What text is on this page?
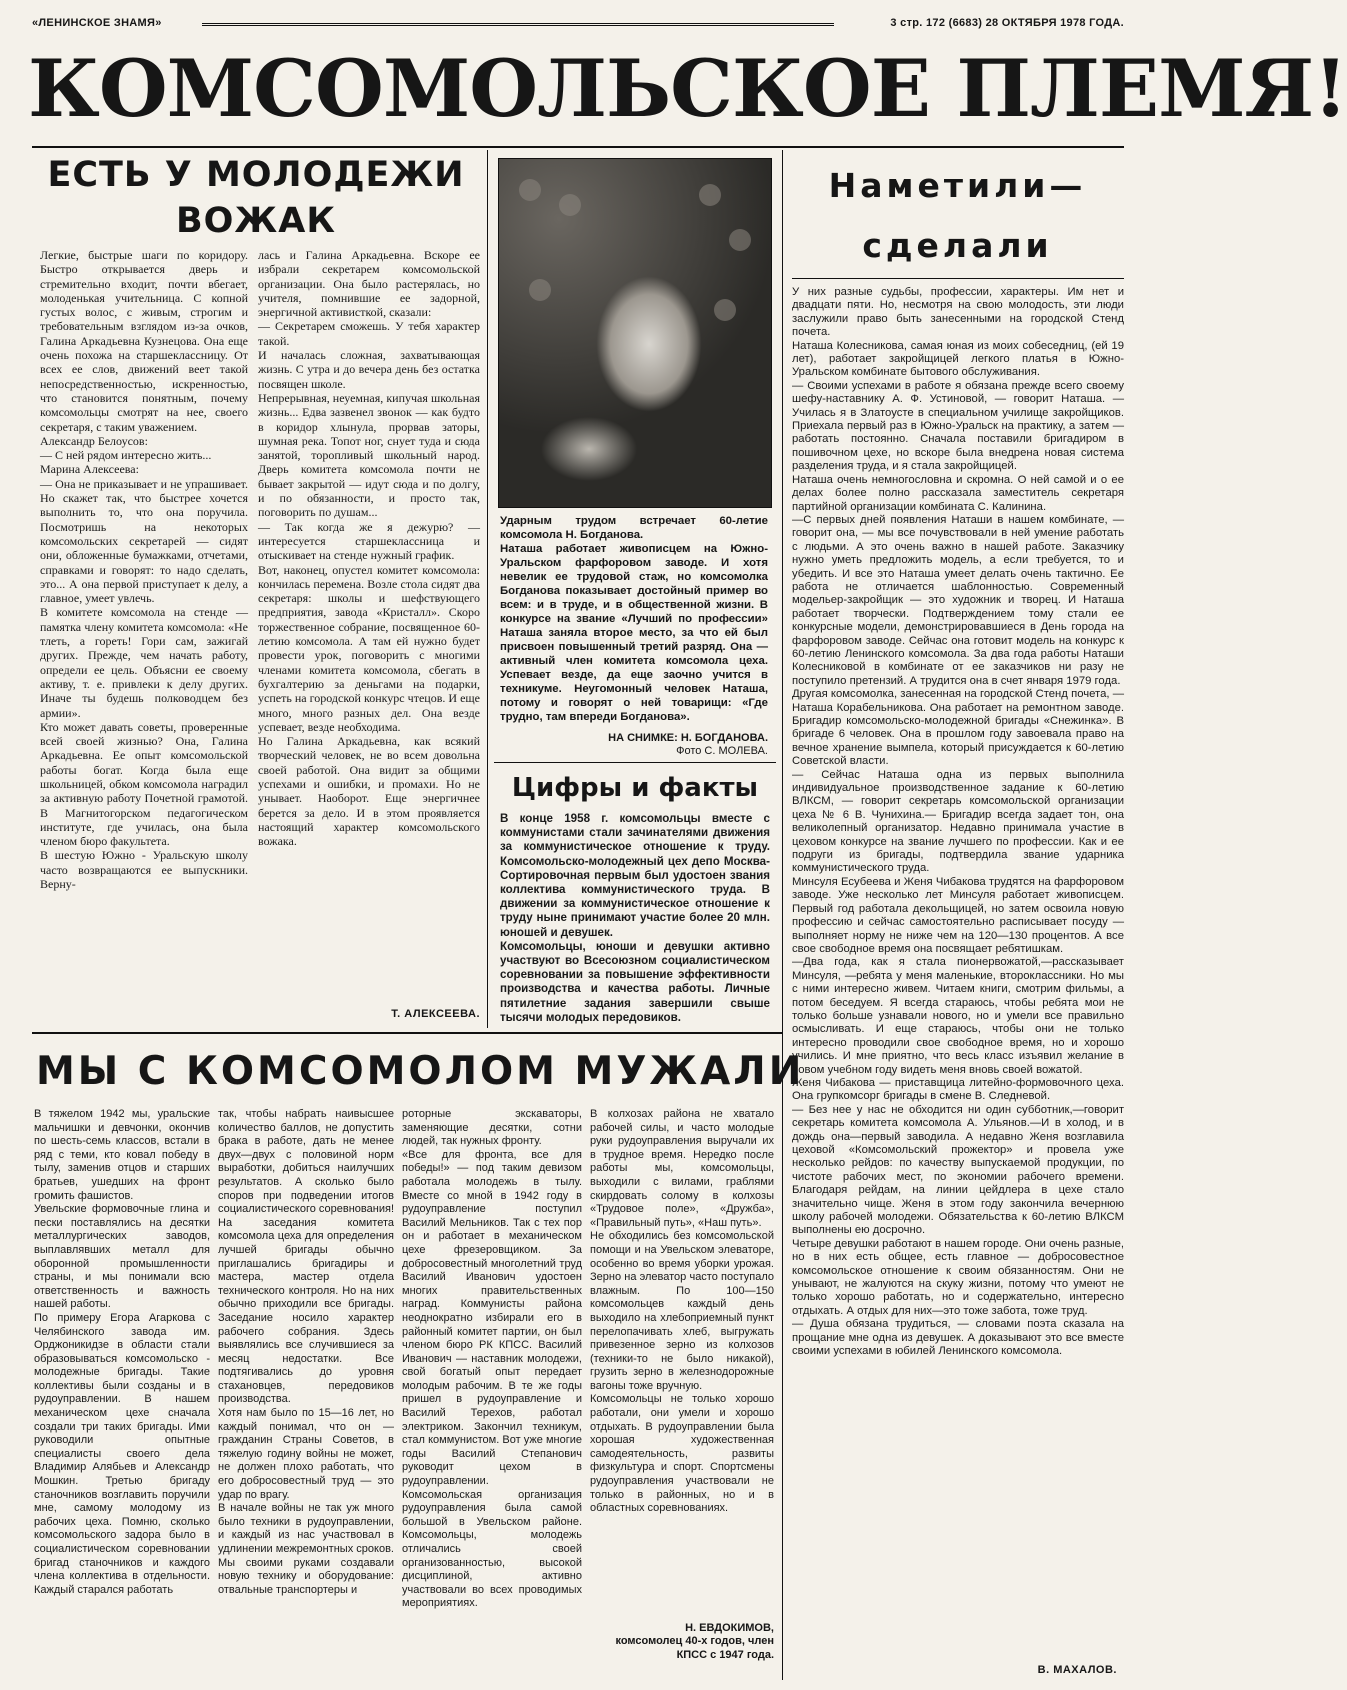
«ЛЕНИНСКОЕ ЗНАМЯ»	3 стр. 172 (6683) 28 ОКТЯБРЯ 1978 ГОДА.
КОМСОМОЛЬСКОЕ ПЛЕМЯ!
ЕСТЬ У МОЛОДЕЖИ
ВОЖАК
Легкие, быстрые шаги по коридору. Быстро открывается дверь и стремительно входит, почти вбегает, молоденькая учительница. С копной густых волос, с живым, строгим и требовательным взглядом из-за очков, Галина Аркадьевна Кузнецова. Она еще очень похожа на старшеклассницу. От всех ее слов, движений веет такой непосредственностью, искренностью, что становится понятным, почему комсомольцы смотрят на нее, своего секретаря, с таким уважением.
Александр Белоусов:
— С ней рядом интересно жить...
Марина Алексеева:
— Она не приказывает и не упрашивает. Но скажет так, что быстрее хочется выполнить то, что она поручила. Посмотришь на некоторых комсомольских секретарей — сидят они, обложенные бумажками, отчетами, справками и говорят: то надо сделать, это... А она первой приступает к делу, а главное, умеет увлечь.
В комитете комсомола на стенде — памятка члену комитета комсомола: «Не тлеть, а гореть! Гори сам, зажигай других. Прежде, чем начать работу, определи ее цель. Объясни ее своему активу, т. е. привлеки к делу других. Иначе ты будешь полководцем без армии».
Кто может давать советы, проверенные всей своей жизнью? Она, Галина Аркадьевна. Ее опыт комсомольской работы богат. Когда была еще школьницей, обком комсомола наградил за активную работу Почетной грамотой. В Магнитогорском педагогическом институте, где училась, она была членом бюро факультета.
В шестую Южно - Уральскую школу часто возвращаются ее выпускники. Верну-
лась и Галина Аркадьевна. Вскоре ее избрали секретарем комсомольской организации. Она было растерялась, но учителя, помнившие ее задорной, энергичной активисткой, сказали:
— Секретарем сможешь. У тебя характер такой.
И началась сложная, захватывающая жизнь. С утра и до вечера день без остатка посвящен школе.
Непрерывная, неуемная, кипучая школьная жизнь... Едва зазвенел звонок — как будто в коридор хлынула, прорвав заторы, шумная река. Топот ног, снует туда и сюда занятой, торопливый школьный народ. Дверь комитета комсомола почти не бывает закрытой — идут сюда и по долгу, и по обязанности, и просто так, поговорить по душам...
— Так когда же я дежурю? — интересуется старшеклассница и отыскивает на стенде нужный график.
Вот, наконец, опустел комитет комсомола: кончилась перемена. Возле стола сидят два секретаря: школы и шефствующего предприятия, завода «Кристалл». Скоро торжественное собрание, посвященное 60-летию комсомола. А там ей нужно будет провести урок, поговорить с многими членами комитета комсомола, сбегать в бухгалтерию за деньгами на подарки, успеть на городской конкурс чтецов. И еще много, много разных дел. Она везде успевает, везде необходима.
Но Галина Аркадьевна, как всякий творческий человек, не во всем довольна своей работой. Она видит за общими успехами и ошибки, и промахи. Но не унывает. Наоборот. Еще энергичнее берется за дело. И в этом проявляется настоящий характер комсомольского вожака.
Т. АЛЕКСЕЕВА.
Ударным трудом встречает 60-летие комсомола Н. Богданова.
Наташа работает живописцем на Южно-Уральском фарфоровом заводе. И хотя невелик ее трудовой стаж, но комсомолка Богданова показывает достойный пример во всем: и в труде, и в общественной жизни. В конкурсе на звание «Лучший по профессии» Наташа заняла второе место, за что ей был присвоен повышенный третий разряд. Она —активный член комитета комсомола цеха. Успевает везде, да еще заочно учится в техникуме. Неугомонный человек Наташа, потому и говорят о ней товарищи: «Где трудно, там впереди Богданова».
НА СНИМКЕ: Н. БОГДАНОВА.
Фото С. МОЛЕВА.
Цифры и факты
В конце 1958 г. комсомольцы вместе с коммунистами стали зачинателями движения за коммунистическое отношение к труду. Комсомольско-молодежный цех депо Москва-Сортировочная первым был удостоен звания коллектива коммунистического труда. В движении за коммунистическое отношение к труду ныне принимают участие более 20 млн. юношей и девушек.
Комсомольцы, юноши и девушки активно участвуют во Всесоюзном социалистическом соревновании за повышение эффективности производства и качества работы. Личные пятилетние задания завершили свыше тысячи молодых передовиков.
Наметили—
сделали
У них разные судьбы, профессии, характеры. Им нет и двадцати пяти. Но, несмотря на свою молодость, эти люди заслужили право быть занесенными на городской Стенд почета.
Наташа Колесникова, самая юная из моих собеседниц, (ей 19 лет), работает закройщицей легкого платья в Южно-Уральском комбинате бытового обслуживания.
— Своими успехами в работе я обязана прежде всего своему шефу-наставнику А. Ф. Устиновой, — говорит Наташа. — Училась я в Златоусте в специальном училище закройщиков. Приехала первый раз в Южно-Уральск на практику, а затем — работать постоянно. Сначала поставили бригадиром в пошивочном цехе, но вскоре была внедрена новая система разделения труда, и я стала закройщицей.
Наташа очень немногословна и скромна. О ней самой и о ее делах более полно рассказала заместитель секретаря партийной организации комбината С. Калинина.
—С первых дней появления Наташи в нашем комбинате, — говорит она, — мы все почувствовали в ней умение работать с людьми. А это очень важно в нашей работе. Заказчику нужно уметь предложить модель, а если требуется, то и убедить. И все это Наташа умеет делать очень тактично. Ее работа не отличается шаблонностью. Современный модельер-закройщик — это художник и творец. И Наташа работает творчески. Подтверждением тому стали ее конкурсные модели, демонстрировавшиеся в День города на фарфоровом заводе. Сейчас она готовит модель на конкурс к 60-летию Ленинского комсомола. За два года работы Наташи Колесниковой в комбинате от ее заказчиков ни разу не поступило претензий. А трудится она в счет января 1979 года.
Другая комсомолка, занесенная на городской Стенд почета, —Наташа Корабельникова. Она работает на ремонтном заводе. Бригадир комсомольско-молодежной бригады «Снежинка». В бригаде 6 человек. Она в прошлом году завоевала право на вечное хранение вымпела, который присуждается к 60-летию Советской власти.
— Сейчас Наташа одна из первых выполнила индивидуальное производственное задание к 60-летию ВЛКСМ, — говорит секретарь комсомольской организации цеха № 6 В. Чунихина.— Бригадир всегда задает тон, она великолепный организатор. Недавно принимала участие в цеховом конкурсе на звание лучшего по профессии. Как и ее подруги из бригады, подтвердила звание ударника коммунистического труда.
Минсуля Есубеева и Женя Чибакова трудятся на фарфоровом заводе. Уже несколько лет Минсуля работает живописцем. Первый год работала декольщицей, но затем освоила новую профессию и сейчас самостоятельно расписывает посуду — выполняет норму не ниже чем на 120—130 процентов. А все свое свободное время она посвящает ребятишкам.
—Два года, как я стала пионервожатой,—рассказывает Минсуля, —ребята у меня маленькие, второклассники. Но мы с ними интересно живем. Читаем книги, смотрим фильмы, а потом беседуем. Я всегда стараюсь, чтобы ребята мои не только больше узнавали нового, но и умели все правильно осмысливать. И еще стараюсь, чтобы они не только интересно проводили свое свободное время, но и хорошо учились. И мне приятно, что весь класс изъявил желание в новом учебном году видеть меня вновь своей вожатой.
Женя Чибакова — приставщица литейно-формовочного цеха. Она групкомсорг бригады в смене В. Следневой.
— Без нее у нас не обходится ни один субботник,—говорит секретарь комитета комсомола А. Ульянов.—И в холод, и в дождь она—первый заводила. А недавно Женя возглавила цеховой «Комсомольский прожектор» и провела уже несколько рейдов: по качеству выпускаемой продукции, по чистоте рабочих мест, по экономии рабочего времени. Благодаря рейдам, на линии цейдлера в цехе стало значительно чище. Женя в этом году закончила вечернюю школу рабочей молодежи. Обязательства к 60-летию ВЛКСМ выполнены ею досрочно.
Четыре девушки работают в нашем городе. Они очень разные, но в них есть общее, есть главное — добросовестное комсомольское отношение к своим обязанностям. Они не унывают, не жалуются на скуку жизни, потому что умеют не только хорошо работать, но и содержательно, интересно отдыхать. А отдых для них—это тоже забота, тоже труд.
— Душа обязана трудиться, — словами поэта сказала на прощание мне одна из девушек. А доказывают это все вместе своими успехами в юбилей Ленинского комсомола.
В. МАХАЛОВ.
МЫ С КОМСОМОЛОМ МУЖАЛИ
В тяжелом 1942 мы, уральские мальчишки и девчонки, окончив по шесть-семь классов, встали в ряд с теми, кто ковал победу в тылу, заменив отцов и старших братьев, ушедших на фронт громить фашистов.
Увельские формовочные глина и пески поставлялись на десятки металлургических заводов, выплавлявших металл для оборонной промышленности страны, и мы понимали всю ответственность и важность нашей работы.
По примеру Егора Агаркова с Челябинского завода им. Орджоникидзе в области стали образовываться комсомольско - молодежные бригады. Такие коллективы были созданы и в рудоуправлении. В нашем механическом цехе сначала создали три таких бригады. Ими руководили опытные специалисты своего дела Владимир Алябьев и Александр Мошкин. Третью бригаду станочников возглавить поручили мне, самому молодому из рабочих цеха. Помню, сколько комсомольского задора было в социалистическом соревновании бригад станочников и каждого члена коллектива в отдельности. Каждый старался работать
так, чтобы набрать наивысшее количество баллов, не допустить брака в работе, дать не менее двух—двух с половиной норм выработки, добиться наилучших результатов. А сколько было споров при подведении итогов социалистического соревнования! На заседания комитета комсомола цеха для определения лучшей бригады обычно приглашались бригадиры и мастера, мастер отдела технического контроля. Но на них обычно приходили все бригады. Заседание носило характер рабочего собрания. Здесь выявлялись все случившиеся за месяц недостатки. Все подтягивались до уровня стахановцев, передовиков производства.
Хотя нам было по 15—16 лет, но каждый понимал, что он — гражданин Страны Советов, в тяжелую годину войны не может, не должен плохо работать, что его добросовестный труд — это удар по врагу.
В начале войны не так уж много было техники в рудоуправлении, и каждый из нас участвовал в удлинении межремонтных сроков. Мы своими руками создавали новую технику и оборудование: отвальные транспортеры и
роторные экскаваторы, заменяющие десятки, сотни людей, так нужных фронту.
«Все для фронта, все для победы!» — под таким девизом работала молодежь в тылу. Вместе со мной в 1942 году в рудоуправление поступил Василий Мельников. Так с тех пор он и работает в механическом цехе фрезеровщиком. За добросовестный многолетний труд Василий Иванович удостоен многих правительственных наград. Коммунисты района неоднократно избирали его в районный комитет партии, он был членом бюро РК КПСС. Василий Иванович — наставник молодежи, свой богатый опыт передает молодым рабочим. В те же годы пришел в рудоуправление и Василий Терехов, работал электриком. Закончил техникум, стал коммунистом. Вот уже многие годы Василий Степанович руководит цехом в рудоуправлении.
Комсомольская организация рудоуправления была самой большой в Увельском районе. Комсомольцы, молодежь отличались своей организованностью, высокой дисциплиной, активно участвовали во всех проводимых мероприятиях.
В колхозах района не хватало рабочей силы, и часто молодые руки рудоуправления выручали их в трудное время. Нередко после работы мы, комсомольцы, выходили с вилами, граблями скирдовать солому в колхозы «Трудовое поле», «Дружба», «Правильный путь», «Наш путь».
Не обходились без комсомольской помощи и на Увельском элеваторе, особенно во время уборки урожая. Зерно на элеватор часто поступало влажным. По 100—150 комсомольцев каждый день выходило на хлебоприемный пункт перелопачивать хлеб, выгружать привезенное зерно из колхозов (техники-то не было никакой), грузить зерно в железнодорожные вагоны тоже вручную.
Комсомольцы не только хорошо работали, они умели и хорошо отдыхать. В рудоуправлении была хорошая художественная самодеятельность, развиты физкультура и спорт. Спортсмены рудоуправления участвовали не только в районных, но и в областных соревнованиях.
Н. ЕВДОКИМОВ,
комсомолец 40-х годов, член КПСС с 1947 года.
